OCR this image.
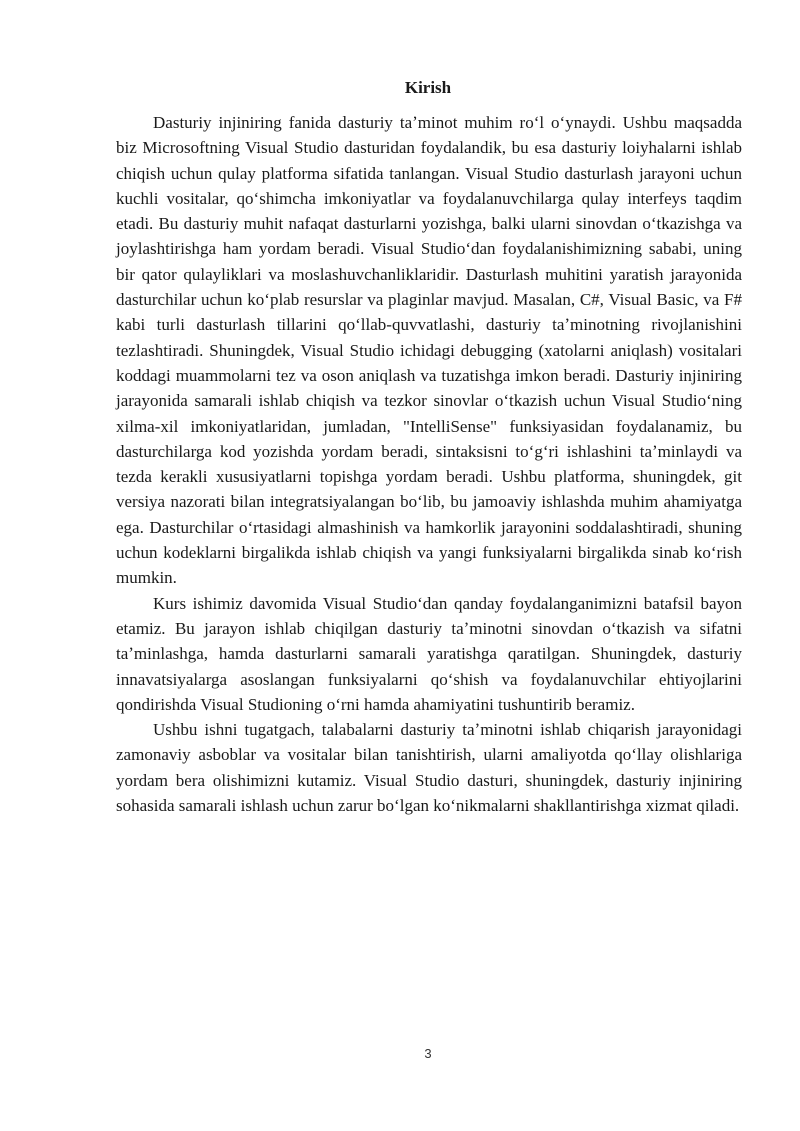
Kirish

Dasturiy injiniring fanida dasturiy taʼminot muhim roʻl oʻynaydi. Ushbu maqsadda biz Microsoftning Visual Studio dasturidan foydalandik, bu esa dasturiy loiyhalarni ishlab chiqish uchun qulay platforma sifatida tanlangan. Visual Studio dasturlash jarayoni uchun kuchli vositalar, qoʻshimcha imkoniyatlar va foydalanuvchilarga qulay interfeys taqdim etadi. Bu dasturiy muhit nafaqat dasturlarni yozishga, balki ularni sinovdan oʻtkazishga va joylashtirishga ham yordam beradi. Visual Studioʻdan foydalanishimizning sababi, uning bir qator qulayliklari va moslashuvchanliklaridir. Dasturlash muhitini yaratish jarayonida dasturchilar uchun koʻplab resurslar va plaginlar mavjud. Masalan, C#, Visual Basic, va F# kabi turli dasturlash tillarini qoʻllab-quvvatlashi, dasturiy taʼminotning rivojlanishini tezlashtiradi. Shuningdek, Visual Studio ichidagi debugging (xatolarni aniqlash) vositalari koddagi muammolarni tez va oson aniqlash va tuzatishga imkon beradi. Dasturiy injiniring jarayonida samarali ishlab chiqish va tezkor sinovlar oʻtkazish uchun Visual Studioʻning xilma-xil imkoniyatlaridan, jumladan, "IntelliSense" funksiyasidan foydalanamiz, bu dasturchilarga kod yozishda yordam beradi, sintaksisni toʻgʻri ishlashini taʼminlaydi va tezda kerakli xususiyatlarni topishga yordam beradi. Ushbu platforma, shuningdek, git versiya nazorati bilan integratsiyalangan boʻlib, bu jamoaviy ishlashda muhim ahamiyatga ega. Dasturchilar oʻrtasidagi almashinish va hamkorlik jarayonini soddalashtiradi, shuning uchun kodeklarni birgalikda ishlab chiqish va yangi funksiyalarni birgalikda sinab koʻrish mumkin.

Kurs ishimiz davomida Visual Studioʻdan qanday foydalanganimizni batafsil bayon etamiz. Bu jarayon ishlab chiqilgan dasturiy taʼminotni sinovdan oʻtkazish va sifatni taʼminlashga, hamda dasturlarni samarali yaratishga qaratilgan. Shuningdek, dasturiy innavatsiyalarga asoslangan funksiyalarni qoʻshish va foydalanuvchilar ehtiyojlarini qondirishda Visual Studioning oʻrni hamda ahamiyatini tushuntirib beramiz.

Ushbu ishni tugatgach, talabalarni dasturiy taʼminotni ishlab chiqarish jarayonidagi zamonaviy asboblar va vositalar bilan tanishtirish, ularni amaliyotda qoʻllay olishlariga yordam bera olishimizni kutamiz. Visual Studio dasturi, shuningdek, dasturiy injiniring sohasida samarali ishlash uchun zarur boʻlgan koʻnikmalarni shakllantirishga xizmat qiladi.

3
